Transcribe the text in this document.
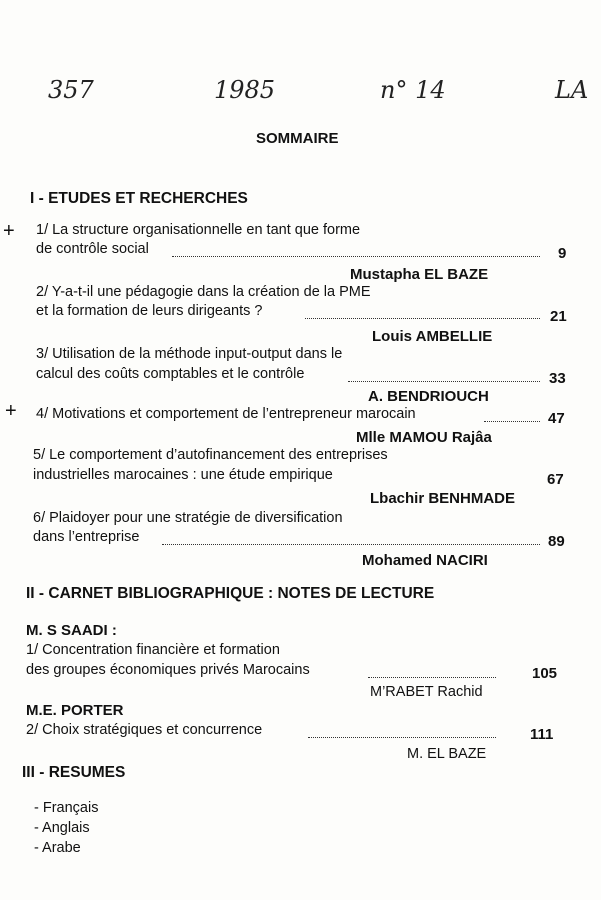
357	1985	n° 14	LA
SOMMAIRE
I - ETUDES ET RECHERCHES
+
+
1/ La structure organisationnelle en tant que forme
de contrôle social	9
Mustapha EL BAZE
2/ Y-a-t-il une pédagogie dans la création de la PME
et la formation de leurs dirigeants ?	21
Louis AMBELLIE
3/ Utilisation de la méthode input-output dans le
calcul des coûts comptables et le contrôle	33
A. BENDRIOUCH
4/ Motivations et comportement de l’entrepreneur marocain	47
Mlle MAMOU Rajâa
5/ Le comportement d’autofinancement des entreprises
industrielles marocaines : une étude empirique	67
Lbachir BENHMADE
6/ Plaidoyer pour une stratégie de diversification
dans l’entreprise	89
Mohamed NACIRI
II - CARNET BIBLIOGRAPHIQUE : NOTES DE LECTURE
M. S SAADI :
1/ Concentration financière et formation
des groupes économiques privés Marocains	105
M’RABET Rachid
M.E. PORTER
2/ Choix stratégiques et concurrence	111
M. EL BAZE
III - RESUMES
- Français
- Anglais
- Arabe
